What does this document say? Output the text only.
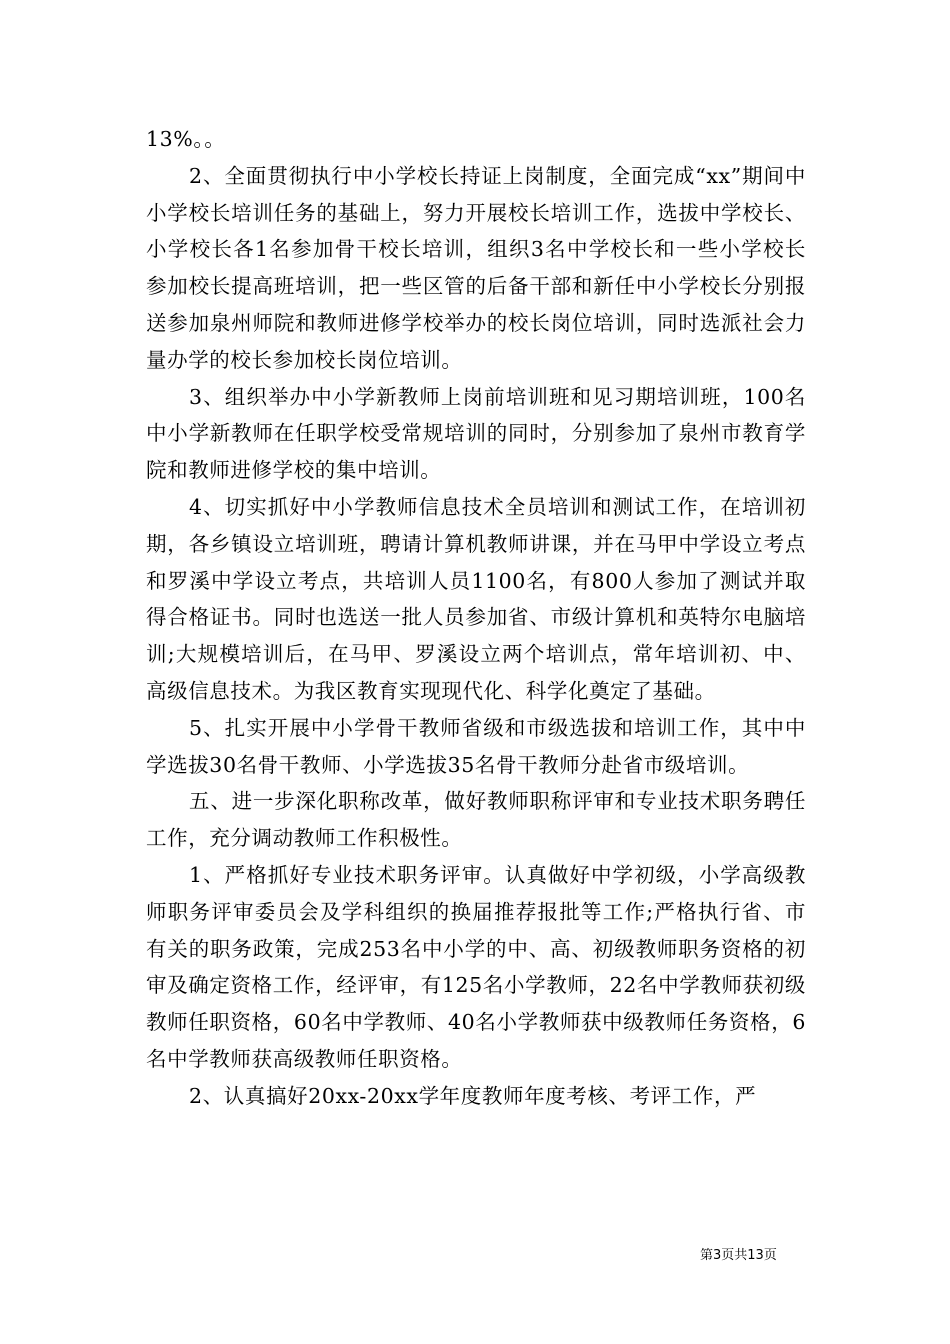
13%。。

2、全面贯彻执行中小学校长持证上岗制度，全面完成“xx”期间中小学校长培训任务的基础上，努力开展校长培训工作，选拔中学校长、小学校长各1名参加骨干校长培训，组织3名中学校长和一些小学校长参加校长提高班培训，把一些区管的后备干部和新任中小学校长分别报送参加泉州师院和教师进修学校举办的校长岗位培训，同时选派社会力量办学的校长参加校长岗位培训。

3、组织举办中小学新教师上岗前培训班和见习期培训班，100名中小学新教师在任职学校受常规培训的同时，分别参加了泉州市教育学院和教师进修学校的集中培训。

4、切实抓好中小学教师信息技术全员培训和测试工作，在培训初期，各乡镇设立培训班，聘请计算机教师讲课，并在马甲中学设立考点和罗溪中学设立考点，共培训人员1100名，有800人参加了测试并取得合格证书。同时也选送一批人员参加省、市级计算机和英特尔电脑培训;大规模培训后，在马甲、罗溪设立两个培训点，常年培训初、中、高级信息技术。为我区教育实现现代化、科学化奠定了基础。

5、扎实开展中小学骨干教师省级和市级选拔和培训工作，其中中学选拔30名骨干教师、小学选拔35名骨干教师分赴省市级培训。

五、进一步深化职称改革，做好教师职称评审和专业技术职务聘任工作，充分调动教师工作积极性。

1、严格抓好专业技术职务评审。认真做好中学初级，小学高级教师职务评审委员会及学科组织的换届推荐报批等工作;严格执行省、市有关的职务政策，完成253名中小学的中、高、初级教师职务资格的初审及确定资格工作，经评审，有125名小学教师，22名中学教师获初级教师任职资格，60名中学教师、40名小学教师获中级教师任务资格，6名中学教师获高级教师任职资格。

2、认真搞好20xx-20xx学年度教师年度考核、考评工作，严

第3页共13页
